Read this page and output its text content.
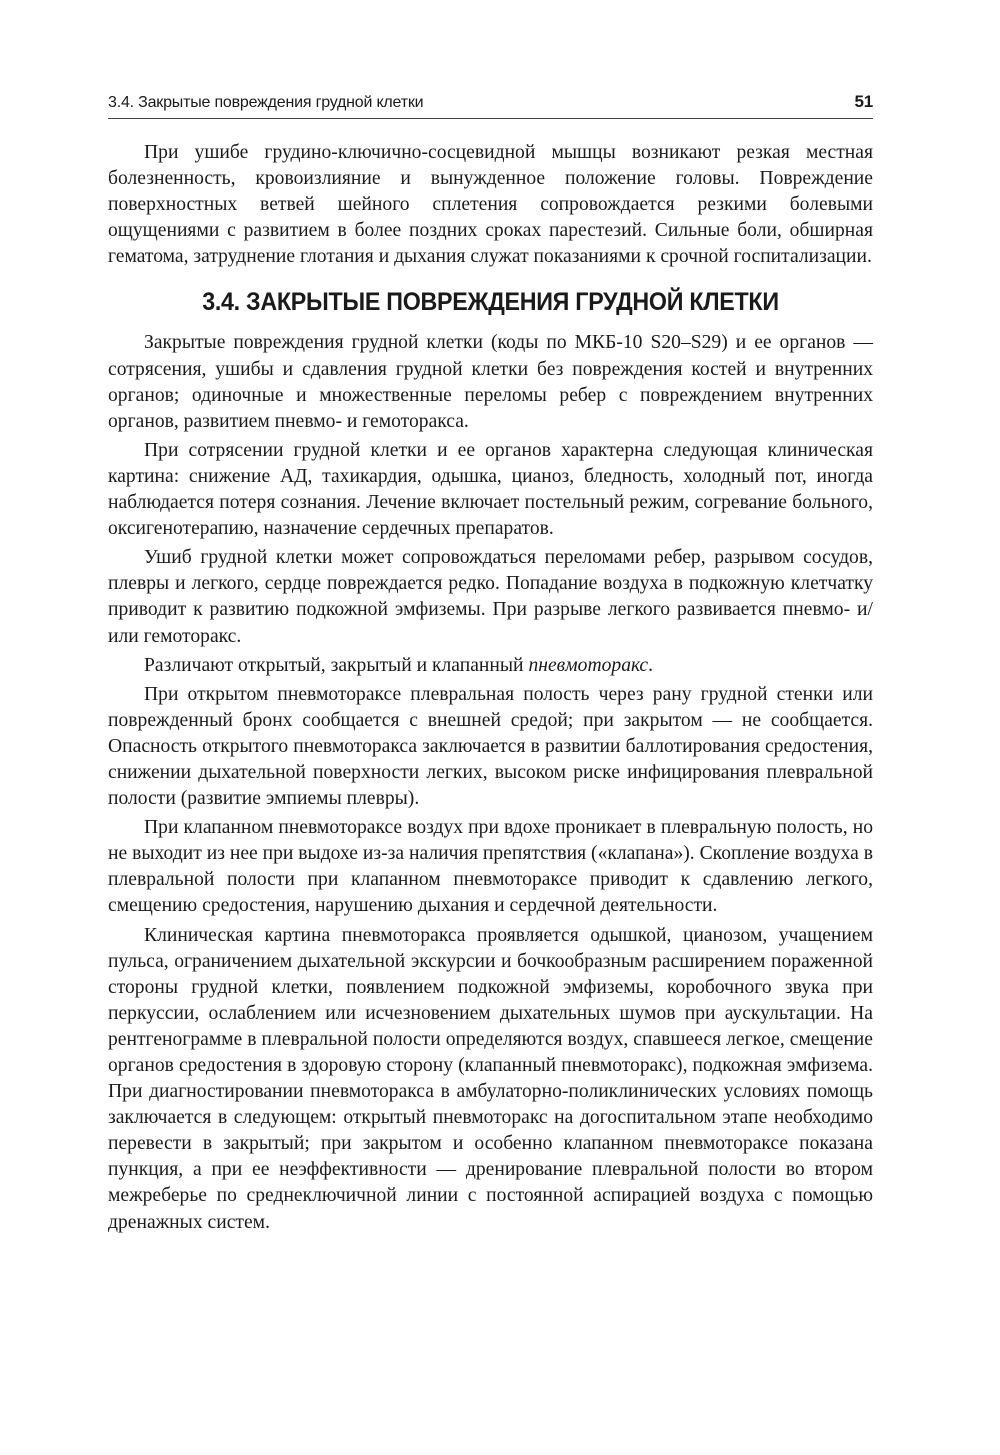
3.4. Закрытые повреждения грудной клетки	51

При ушибе грудино-ключично-сосцевидной мышцы возникают резкая местная болезненность, кровоизлияние и вынужденное положение головы. Повреждение поверхностных ветвей шейного сплетения сопровождается резкими болевыми ощущениями с развитием в более поздних сроках парестезий. Сильные боли, обширная гематома, затруднение глотания и дыхания служат показаниями к срочной госпитализации.

3.4. ЗАКРЫТЫЕ ПОВРЕЖДЕНИЯ ГРУДНОЙ КЛЕТКИ

Закрытые повреждения грудной клетки (коды по МКБ-10 S20–S29) и ее органов — сотрясения, ушибы и сдавления грудной клетки без повреждения костей и внутренних органов; одиночные и множественные переломы ребер с повреждением внутренних органов, развитием пневмо- и гемоторакса.

При сотрясении грудной клетки и ее органов характерна следующая клиническая картина: снижение АД, тахикардия, одышка, цианоз, бледность, холодный пот, иногда наблюдается потеря сознания. Лечение включает постельный режим, согревание больного, оксигенотерапию, назначение сердечных препаратов.

Ушиб грудной клетки может сопровождаться переломами ребер, разрывом сосудов, плевры и легкого, сердце повреждается редко. Попадание воздуха в подкожную клетчатку приводит к развитию подкожной эмфиземы. При разрыве легкого развивается пневмо- и/или гемоторакс.

Различают открытый, закрытый и клапанный пневмоторакс.

При открытом пневмотораксе плевральная полость через рану грудной стенки или поврежденный бронх сообщается с внешней средой; при закрытом — не сообщается. Опасность открытого пневмоторакса заключается в развитии баллотирования средостения, снижении дыхательной поверхности легких, высоком риске инфицирования плевральной полости (развитие эмпиемы плевры).

При клапанном пневмотораксе воздух при вдохе проникает в плевральную полость, но не выходит из нее при выдохе из-за наличия препятствия («клапана»). Скопление воздуха в плевральной полости при клапанном пневмотораксе приводит к сдавлению легкого, смещению средостения, нарушению дыхания и сердечной деятельности.

Клиническая картина пневмоторакса проявляется одышкой, цианозом, учащением пульса, ограничением дыхательной экскурсии и бочкообразным расширением пораженной стороны грудной клетки, появлением подкожной эмфиземы, коробочного звука при перкуссии, ослаблением или исчезновением дыхательных шумов при аускультации. На рентгенограмме в плевральной полости определяются воздух, спавшееся легкое, смещение органов средостения в здоровую сторону (клапанный пневмоторакс), подкожная эмфизема. При диагностировании пневмоторакса в амбулаторно-поликлинических условиях помощь заключается в следующем: открытый пневмоторакс на догоспитальном этапе необходимо перевести в закрытый; при закрытом и особенно клапанном пневмотораксе показана пункция, а при ее неэффективности — дренирование плевральной полости во втором межреберье по среднеключичной линии с постоянной аспирацией воздуха с помощью дренажных систем.
